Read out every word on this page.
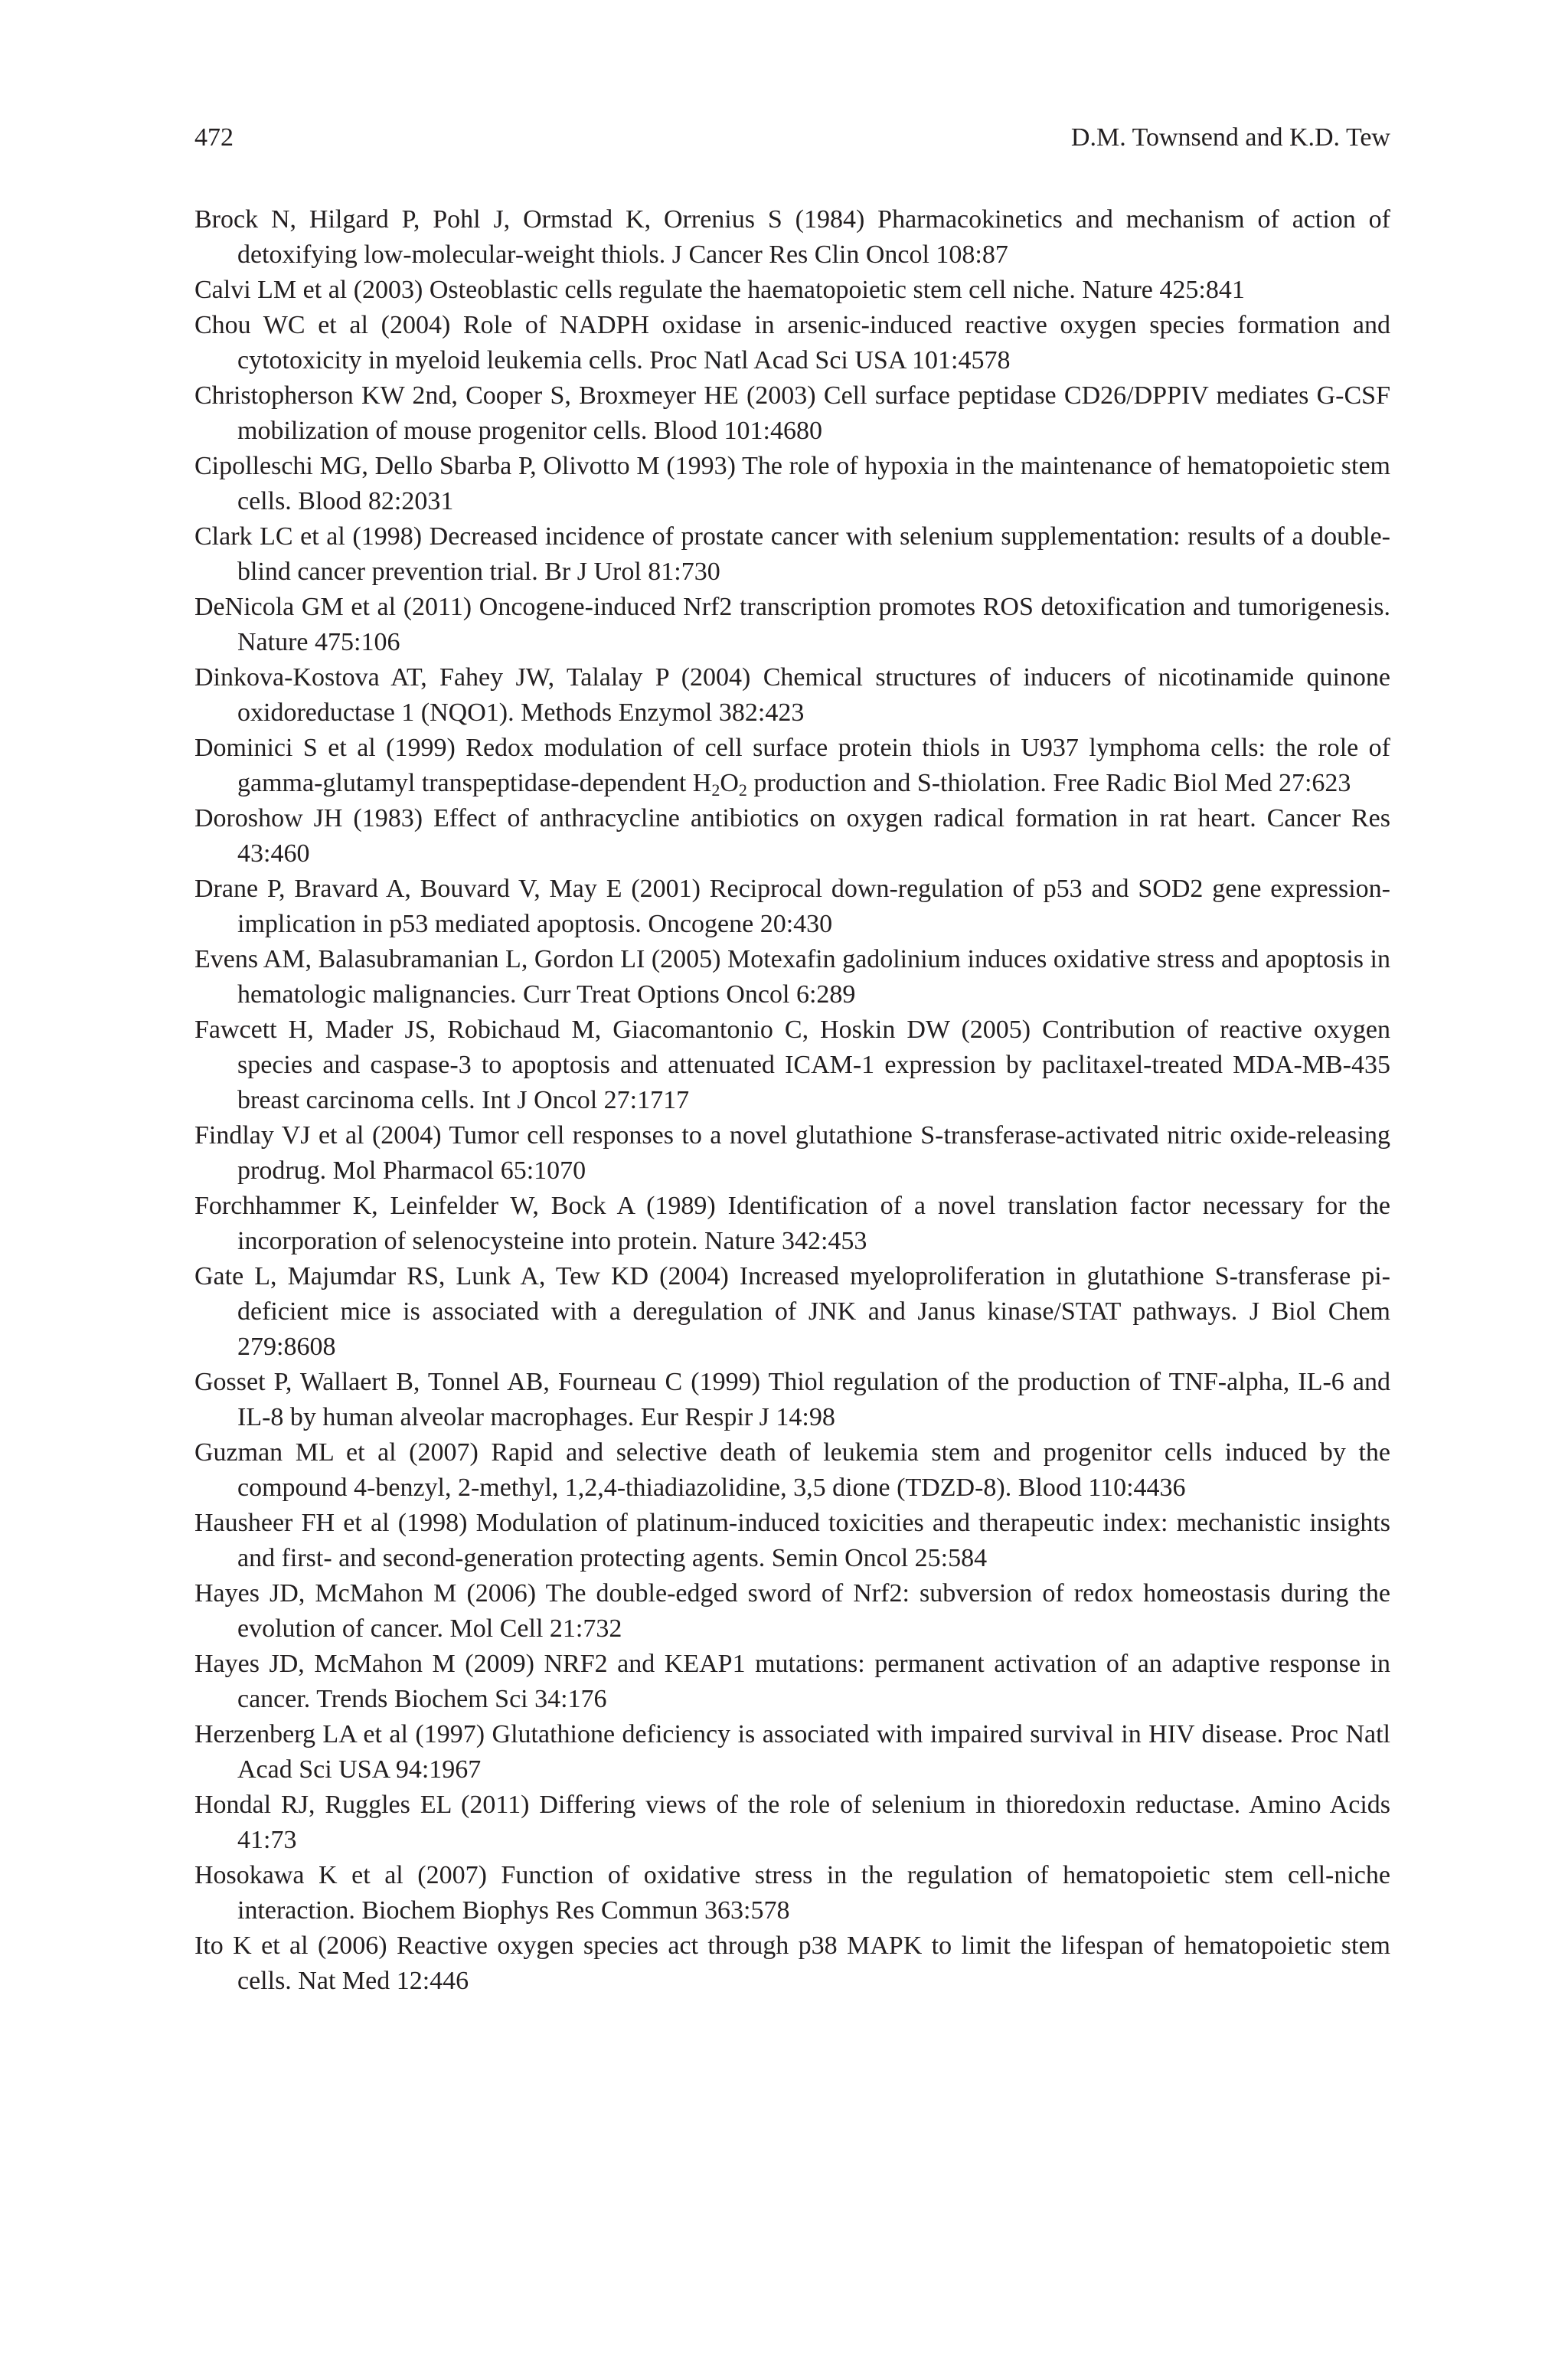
472	D.M. Townsend and K.D. Tew
Brock N, Hilgard P, Pohl J, Ormstad K, Orrenius S (1984) Pharmacokinetics and mechanism of action of detoxifying low-molecular-weight thiols. J Cancer Res Clin Oncol 108:87
Calvi LM et al (2003) Osteoblastic cells regulate the haematopoietic stem cell niche. Nature 425:841
Chou WC et al (2004) Role of NADPH oxidase in arsenic-induced reactive oxygen species formation and cytotoxicity in myeloid leukemia cells. Proc Natl Acad Sci USA 101:4578
Christopherson KW 2nd, Cooper S, Broxmeyer HE (2003) Cell surface peptidase CD26/DPPIV mediates G-CSF mobilization of mouse progenitor cells. Blood 101:4680
Cipolleschi MG, Dello Sbarba P, Olivotto M (1993) The role of hypoxia in the maintenance of hematopoietic stem cells. Blood 82:2031
Clark LC et al (1998) Decreased incidence of prostate cancer with selenium supplementation: results of a double-blind cancer prevention trial. Br J Urol 81:730
DeNicola GM et al (2011) Oncogene-induced Nrf2 transcription promotes ROS detoxification and tumorigenesis. Nature 475:106
Dinkova-Kostova AT, Fahey JW, Talalay P (2004) Chemical structures of inducers of nicotinamide quinone oxidoreductase 1 (NQO1). Methods Enzymol 382:423
Dominici S et al (1999) Redox modulation of cell surface protein thiols in U937 lymphoma cells: the role of gamma-glutamyl transpeptidase-dependent $H_2O_2$ production and S-thiolation. Free Radic Biol Med 27:623
Doroshow JH (1983) Effect of anthracycline antibiotics on oxygen radical formation in rat heart. Cancer Res 43:460
Drane P, Bravard A, Bouvard V, May E (2001) Reciprocal down-regulation of p53 and SOD2 gene expression-implication in p53 mediated apoptosis. Oncogene 20:430
Evens AM, Balasubramanian L, Gordon LI (2005) Motexafin gadolinium induces oxidative stress and apoptosis in hematologic malignancies. Curr Treat Options Oncol 6:289
Fawcett H, Mader JS, Robichaud M, Giacomantonio C, Hoskin DW (2005) Contribution of reactive oxygen species and caspase-3 to apoptosis and attenuated ICAM-1 expression by paclitaxel-treated MDA-MB-435 breast carcinoma cells. Int J Oncol 27:1717
Findlay VJ et al (2004) Tumor cell responses to a novel glutathione S-transferase-activated nitric oxide-releasing prodrug. Mol Pharmacol 65:1070
Forchhammer K, Leinfelder W, Bock A (1989) Identification of a novel translation factor necessary for the incorporation of selenocysteine into protein. Nature 342:453
Gate L, Majumdar RS, Lunk A, Tew KD (2004) Increased myeloproliferation in glutathione S-transferase pi-deficient mice is associated with a deregulation of JNK and Janus kinase/STAT pathways. J Biol Chem 279:8608
Gosset P, Wallaert B, Tonnel AB, Fourneau C (1999) Thiol regulation of the production of TNF-alpha, IL-6 and IL-8 by human alveolar macrophages. Eur Respir J 14:98
Guzman ML et al (2007) Rapid and selective death of leukemia stem and progenitor cells induced by the compound 4-benzyl, 2-methyl, 1,2,4-thiadiazolidine, 3,5 dione (TDZD-8). Blood 110:4436
Hausheer FH et al (1998) Modulation of platinum-induced toxicities and therapeutic index: mechanistic insights and first- and second-generation protecting agents. Semin Oncol 25:584
Hayes JD, McMahon M (2006) The double-edged sword of Nrf2: subversion of redox homeostasis during the evolution of cancer. Mol Cell 21:732
Hayes JD, McMahon M (2009) NRF2 and KEAP1 mutations: permanent activation of an adaptive response in cancer. Trends Biochem Sci 34:176
Herzenberg LA et al (1997) Glutathione deficiency is associated with impaired survival in HIV disease. Proc Natl Acad Sci USA 94:1967
Hondal RJ, Ruggles EL (2011) Differing views of the role of selenium in thioredoxin reductase. Amino Acids 41:73
Hosokawa K et al (2007) Function of oxidative stress in the regulation of hematopoietic stem cell-niche interaction. Biochem Biophys Res Commun 363:578
Ito K et al (2006) Reactive oxygen species act through p38 MAPK to limit the lifespan of hematopoietic stem cells. Nat Med 12:446
